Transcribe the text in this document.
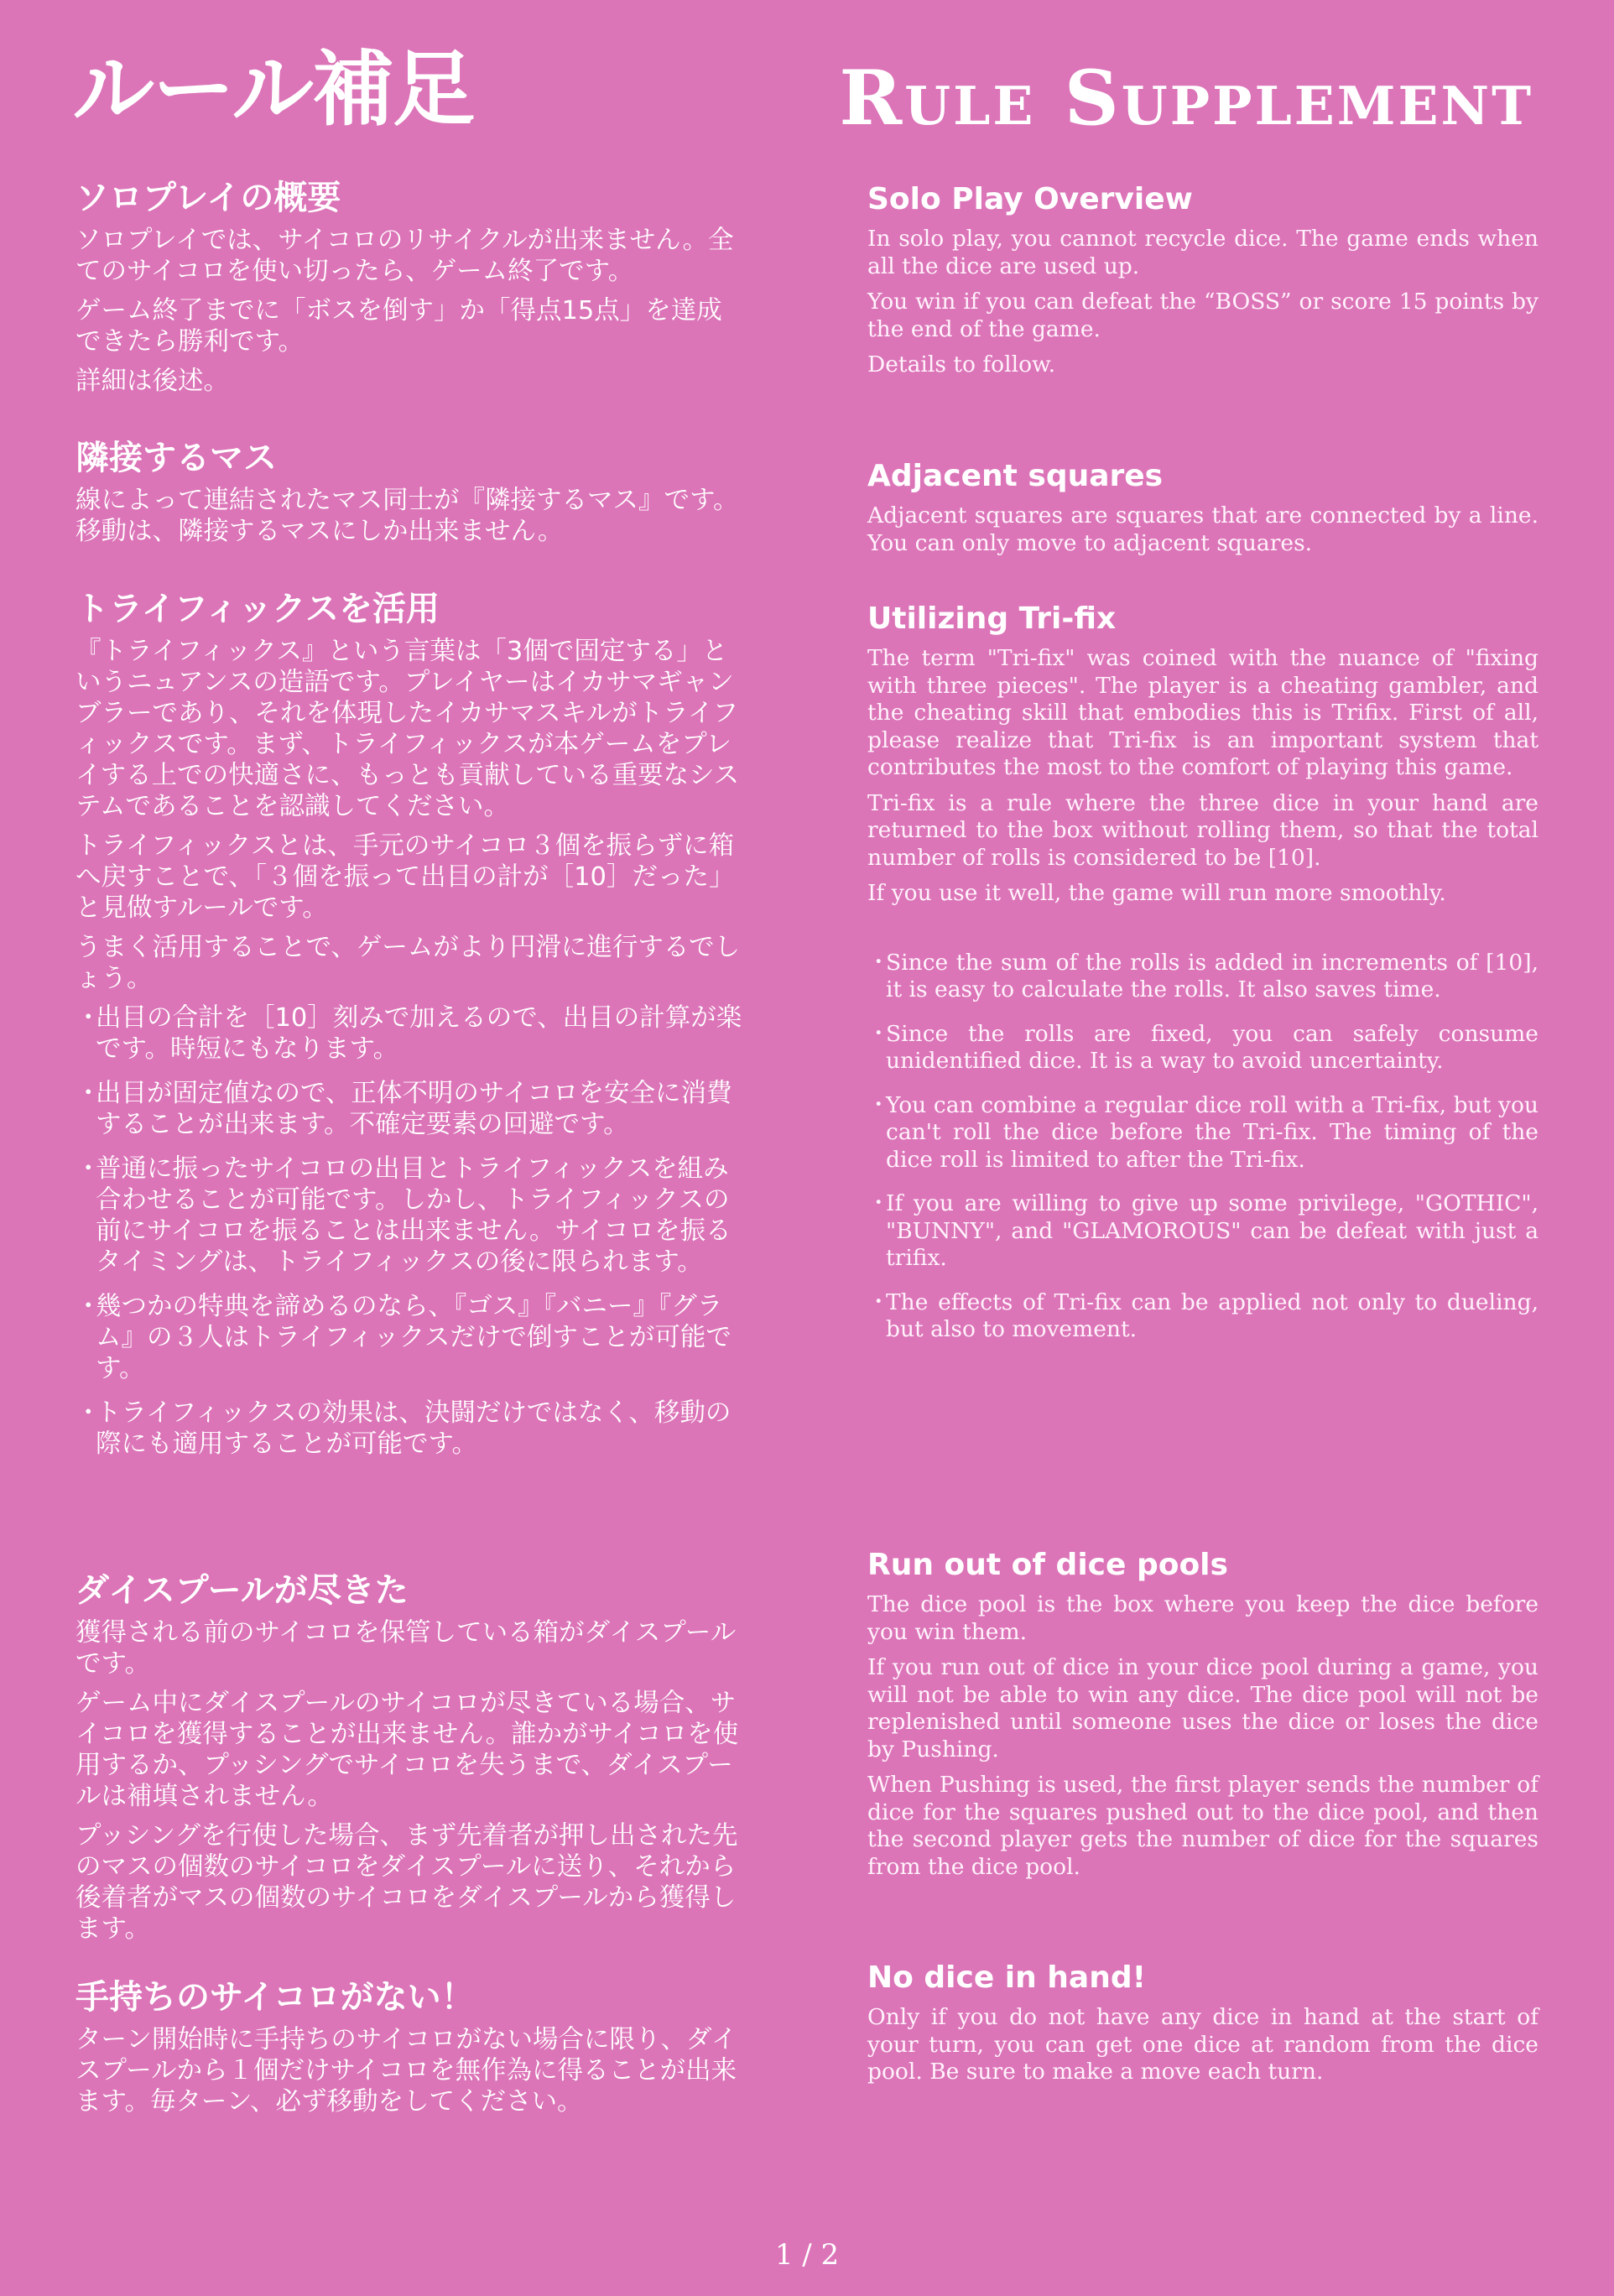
ルール補足	Rule Supplement
ソロプレイの概要

ソロプレイでは、サイコロのリサイクルが出来ません。全てのサイコロを使い切ったら、ゲーム終了です。

ゲーム終了までに「ボスを倒す」か「得点15点」を達成できたら勝利です。

詳細は後述。

隣接するマス

線によって連結されたマス同士が『隣接するマス』です。移動は、隣接するマスにしか出来ません。

トライフィックスを活用

『トライフィックス』という言葉は「3個で固定する」というニュアンスの造語です。プレイヤーはイカサマギャンブラーであり、それを体現したイカサマスキルがトライフィックスです。まず、トライフィックスが本ゲームをプレイする上での快適さに、もっとも貢献している重要なシステムであることを認識してください。

トライフィックスとは、手元のサイコロ３個を振らずに箱へ戻すことで、「３個を振って出目の計が［10］だった」と見做すルールです。

うまく活用することで、ゲームがより円滑に進行するでしょう。

・
出目の合計を［10］刻みで加えるので、出目の計算が楽です。時短にもなります。
・
出目が固定値なので、正体不明のサイコロを安全に消費することが出来ます。不確定要素の回避です。
・
普通に振ったサイコロの出目とトライフィックスを組み合わせることが可能です。しかし、トライフィックスの前にサイコロを振ることは出来ません。サイコロを振るタイミングは、トライフィックスの後に限られます。
・
幾つかの特典を諦めるのなら、『ゴス』『バニー』『グラム』の３人はトライフィックスだけで倒すことが可能です。
・
トライフィックスの効果は、決闘だけではなく、移動の際にも適用することが可能です。
ダイスプールが尽きた

獲得される前のサイコロを保管している箱がダイスプールです。

ゲーム中にダイスプールのサイコロが尽きている場合、サイコロを獲得することが出来ません。誰かがサイコロを使用するか、プッシングでサイコロを失うまで、ダイスプールは補填されません。

プッシングを行使した場合、まず先着者が押し出された先のマスの個数のサイコロをダイスプールに送り、それから後着者がマスの個数のサイコロをダイスプールから獲得します。

手持ちのサイコロがない！

ターン開始時に手持ちのサイコロがない場合に限り、ダイスプールから１個だけサイコロを無作為に得ることが出来ます。毎ターン、必ず移動をしてください。

Solo Play Overview

In solo play, you cannot recycle dice. The game ends when all the dice are used up.

You win if you can defeat the “BOSS” or score 15 points by the end of the game.

Details to follow.

Adjacent squares

Adjacent squares are squares that are connected by a line. You can only move to adjacent squares.

Utilizing Tri-fix

The term "Tri-fix" was coined with the nuance of "fixing with three pieces". The player is a cheating gambler, and the cheating skill that embodies this is Trifix. First of all, please realize that Tri-fix is an important system that contributes the most to the comfort of playing this game.

Tri-fix is a rule where the three dice in your hand are returned to the box without rolling them, so that the total number of rolls is considered to be [10].

If you use it well, the game will run more smoothly.

・
Since the sum of the rolls is added in increments of [10], it is easy to calculate the rolls. It also saves time.
・
Since the rolls are fixed, you can safely consume unidentified dice. It is a way to avoid uncertainty.
・
You can combine a regular dice roll with a Tri-fix, but you can't roll the dice before the Tri-fix. The timing of the dice roll is limited to after the Tri-fix.
・
If you are willing to give up some privilege, "GOTHIC", "BUNNY", and "GLAMOROUS" can be defeat with just a trifix.
・
The effects of Tri-fix can be applied not only to dueling, but also to movement.
Run out of dice pools

The dice pool is the box where you keep the dice before you win them.

If you run out of dice in your dice pool during a game, you will not be able to win any dice. The dice pool will not be replenished until someone uses the dice or loses the dice by Pushing.

When Pushing is used, the first player sends the number of dice for the squares pushed out to the dice pool, and then the second player gets the number of dice for the squares from the dice pool.

No dice in hand!

Only if you do not have any dice in hand at the start of your turn, you can get one dice at random from the dice pool. Be sure to make a move each turn.

1 / 2
